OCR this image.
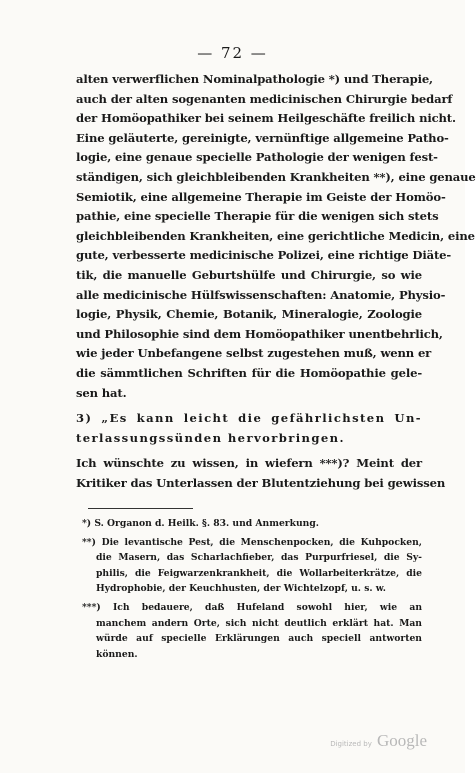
— 72 —
alten verwerflichen Nominalpathologie *) und Therapie,
auch der alten sogenanten medicinischen Chirurgie bedarf
der Homöopathiker bei seinem Heilgeschäfte freilich nicht.
Eine geläuterte, gereinigte, vernünftige allgemeine Patho-
logie, eine genaue specielle Pathologie der wenigen fest-
ständigen, sich gleichbleibenden Krankheiten **), eine genaue
Semiotik, eine allgemeine Therapie im Geiste der Homöo-
pathie, eine specielle Therapie für die wenigen sich stets
gleichbleibenden Krankheiten, eine gerichtliche Medicin, eine
gute, verbesserte medicinische Polizei, eine richtige Diäte-
tik, die manuelle Geburtshülfe und Chirurgie, so wie
alle medicinische Hülfswissenschaften: Anatomie, Physio-
logie, Physik, Chemie, Botanik, Mineralogie, Zoologie
und Philosophie sind dem Homöopathiker unentbehrlich,
wie jeder Unbefangene selbst zugestehen muß, wenn er
die sämmtlichen Schriften für die Homöopathie gele-
sen hat.
3) „Es kann leicht die gefährlichsten Un-
terlassungssünden hervorbringen.
Ich wünschte zu wissen, in wiefern ***)? Meint der
Kritiker das Unterlassen der Blutentziehung bei gewissen
*) S. Organon d. Heilk. §. 83. und Anmerkung.
**) Die levantische Pest, die Menschenpocken, die Kuhpocken,
die Masern, das Scharlachfieber, das Purpurfriesel, die Sy-
philis, die Feigwarzenkrankheit, die Wollarbeiterkrätze, die
Hydrophobie, der Keuchhusten, der Wichtelzopf, u. s. w.
***) Ich bedauere, daß Hufeland sowohl hier, wie an
manchem andern Orte, sich nicht deutlich erklärt hat. Man
würde auf specielle Erklärungen auch speciell antworten
können.
Digitized by Google
